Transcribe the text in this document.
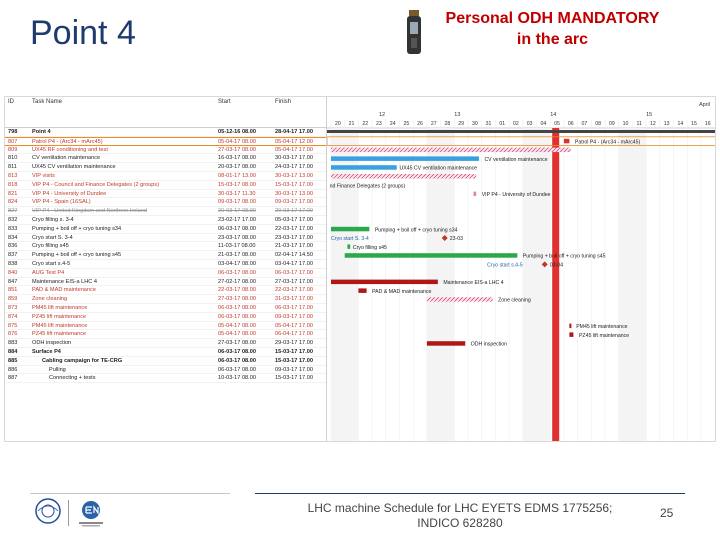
Point 4	Personal ODH MANDATORY
in the arc
ID	Task Name	Start	Finish
798	Point 4	05-12-16 08.00	28-04-17 17.00
807	Patrol P4 - (Arc34 - mArc45)	05-04-17 08.00	05-04-17 12.00
809	UX45 RF conditioning and test	27-03-17 08.00	05-04-17 17.00
810	CV ventilation maintenance	16-03-17 08.00	30-03-17 17.00
811	UX45 CV ventilation maintenance	20-03-17 08.00	24-03-17 17.00
813	VIP visits	08-01-17 13.00	30-03-17 13.00
818	VIP P4 - Council and Finance Delegates (2 groups)	15-03-17 08.00	15-03-17 17.00
821	VIP P4 - University of Dundee	30-03-17 11.30	30-03-17 13.00
824	VIP P4 - Spain (16SAL)	09-03-17 08.00	09-03-17 17.00
827	VIP P4 - United Kingdom and Northern Ireland	20-03-17 08.00	20-03-17 17.00
832	Cryo filling s. 3-4	23-02-17 17.00	05-03-17 17.00
833	Pumping + boil off + cryo tuning s34	06-03-17 08.00	22-03-17 17.00
834	Cryo start S. 3-4	23-03-17 08.00	23-03-17 17.00
836	Cryo filling s45	11-03-17 08.00	21-03-17 17.00
837	Pumping + boil off + cryo tuning s45	21-03-17 08.00	02-04-17 14.50
838	Cryo start s.4-5	03-04-17 08.00	03-04-17 17.00
840	AUG Test P4	06-03-17 08.00	06-03-17 17.00
847	Maintenance EIS-a LHC 4	27-02-17 08.00	27-03-17 17.00
851	PAD & MAD maintenance	22-03-17 08.00	22-03-17 17.00
859	Zone cleaning	27-03-17 08.00	31-03-17 17.00
873	PM45 lift maintenance	06-03-17 08.00	06-03-17 17.00
874	PZ45 lift maintenance	06-03-17 08.00	09-03-17 17.00
875	PM45 lift maintenance	05-04-17 08.00	05-04-17 17.00
876	PZ45 lift maintenance	05-04-17 08.00	06-04-17 17.00
883	ODH inspection	27-03-17 08.00	29-03-17 17.00
884	Surface P4	06-03-17 08.00	15-03-17 17.00
885	Cabling campaign for TE-CRG	06-03-17 08.00	15-03-17 17.00
886	Pulling	06-03-17 08.00	09-03-17 17.00
887	Connecting + tests	10-03-17 08.00	15-03-17 17.00
April
12	13	14	15
20 21 22 23 24 25 26 27 28 29 30 31 01 02 03 04 05 06 07 08 09 10 11 12 13 14 15 16
Patrol P4 - (Arc34 - mArc45)
CV ventilation maintenance
UX45 CV ventilation maintenance
nd Finance Delegates (2 groups)
VIP P4 - University of Dundee
Pumping + boil off + cryo tuning s34
Cryo filling s45
Pumping + boil off + cryo tuning s45
Maintenance EIS-a LHC 4
PAD & MAD maintenance
Zone cleaning
ODH inspection
Cryo start S. 3-4	23-03
Cryo start s.4-5	03-04
PM45 lift maintenance
PZ45 lift maintenance
LHC machine Schedule for LHC EYETS EDMS 1775256;
INDICO 628280
25
